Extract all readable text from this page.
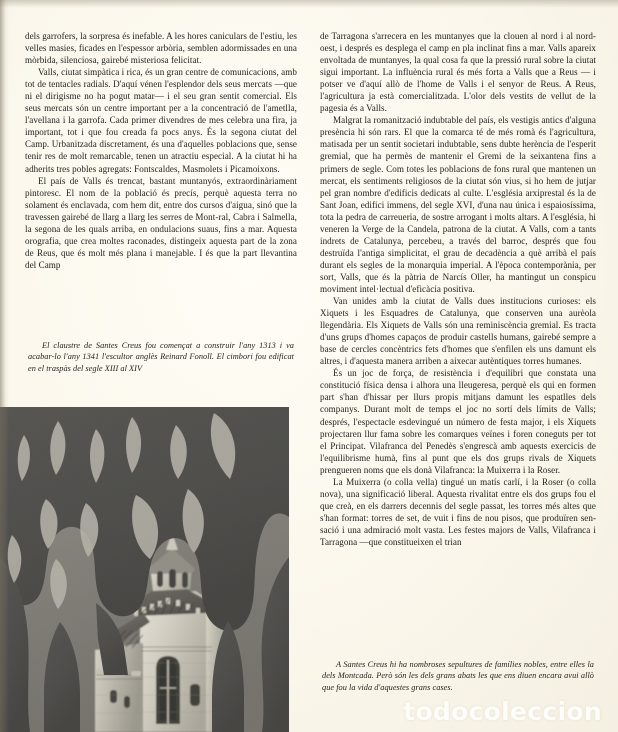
dels garrofers, la sorpresa és inefable. A les hores caniculars de l'estiu, les velles masies, ficades en l'espessor arbòria, semblen adormissades en una mòrbida, silenciosa, gairebé misteriosa felicitat.

Valls, ciutat simpàtica i rica, és un gran centre de comunicacions, amb tot de tentacles radials. D'aquí vénen l'esplendor dels seus mercats —que ni el dirigisme no ha pogut matar— i el seu gran sentit comercial. Els seus mercats són un centre important per a la concentració de l'ametlla, l'avellana i la garrofa. Cada primer divendres de mes celebra una fira, ja important, tot i que fou creada fa pocs anys. És la segona ciutat del Camp. Urbanitzada discretament, és una d'aquelles poblacions que, sense tenir res de molt remarcable, tenen un atractiu especial. A la ciutat hi ha adherits tres pobles agregats: Fontscaldes, Masmolets i Picamoixons.

El país de Valls és trencat, bastant muntanyós, extraordinàriament pintoresc. El nom de la població és precís, perquè aquesta terra no solament és enclavada, com hem dit, entre dos cursos d'aigua, sinó que la travessen gairebé de llarg a llarg les serres de Mont-ral, Cabra i Salmella, la segona de les quals arriba, en ondulacions suaus, fins a mar. Aquesta orografia, que crea moltes raconades, distingeix aquesta part de la zona de Reus, que és molt més plana i manejable. I és que la part llevantina del Camp

de Tarragona s'arrecera en les muntanyes que la clouen al nord i al nord-oest, i després es desplega el camp en pla inclinat fins a mar. Valls apareix envoltada de muntanyes, la qual cosa fa que la pressió rural sobre la ciutat sigui important. La influència rural és més forta a Valls que a Reus — i potser ve d'aquí allò de l'home de Valls i el senyor de Reus. A Reus, l'agricultura ja està comercialitzada. L'olor dels vestits de vellut de la pagesia és a Valls.

Malgrat la romanització indubtable del país, els vestigis antics d'alguna presència hi són rars. El que la comarca té de més romà és l'agricultura, matisada per un sentit societari indubtable, sens dubte herència de l'esperit gremial, que ha permès de mantenir el Gremi de la seixantena fins a primers de segle. Com totes les poblacions de fons rural que mantenen un mercat, els sentiments religiosos de la ciutat són vius, si ho hem de jutjar pel gran nombre d'edificis dedicats al culte. L'església arxiprestal és la de Sant Joan, edifici immens, del segle XVI, d'una nau única i espaiosíssima, tota la pedra de carreueria, de sostre arrogant i molts altars. A l'església, hi veneren la Verge de la Candela, patrona de la ciutat. A Valls, com a tants indrets de Catalunya, percebeu, a través del barroc, després que fou destruïda l'antiga simplicitat, el grau de decadència a què arribà el país durant els segles de la monarquia imperial. A l'època contemporània, per sort, Valls, que és la pàtria de Narcís Oller, ha mantingut un conspicu moviment intel·lectual d'eficàcia positiva.

Van unides amb la ciutat de Valls dues institucions curioses: els Xiquets i les Esquadres de Catalunya, que conserven una aurèola llegendària. Els Xiquets de Valls són una reminiscència gremial. Es tracta d'uns grups d'homes capaços de produir castells humans, gairebé sempre a base de cercles concèntrics fets d'homes que s'enfilen els uns damunt els altres, i d'aquesta manera arriben a aixecar autèntiques torres humanes.

És un joc de força, de resistència i d'equilibri que constata una constitució física densa i alhora una lleugeresa, perquè els qui en formen part s'han d'hissar per llurs propis mitjans damunt les espatlles dels companys. Durant molt de temps el joc no sortí dels límits de Valls; després, l'espectacle esdevingué un número de festa major, i els Xiquets projectaren llur fama sobre les comarques veïnes i foren coneguts per tot el Principat. Vilafranca del Penedès s'engrescà amb aquests exercicis de l'equilibrisme humà, fins al punt que els dos grups rivals de Xiquets prengueren noms que els donà Vilafranca: la Muixerra i la Roser.

La Muixerra (o colla vella) tingué un matís carlí, i la Roser (o colla nova), una significació liberal. Aquesta rivalitat entre els dos grups fou el que creà, en els darrers decennis del segle passat, les torres més altes que s'han format: torres de set, de vuit i fins de nou pisos, que produïren sensació i una admiració molt vasta. Les festes majors de Valls, Vilafranca i Tarragona —que constitueixen el trian

El claustre de Santes Creus fou començat a construir l'any 1313 i va acabar-lo l'any 1341 l'escultor anglès Reinard Fonoll. El cimbori fou edificat en el traspàs del segle XIII al XIV

A Santes Creus hi ha nombroses sepultures de famílies nobles, entre elles la dels Montcada. Però són les dels grans abats les que ens diuen encara avui allò que fou la vida d'aquestes grans cases.

todocoleccion
